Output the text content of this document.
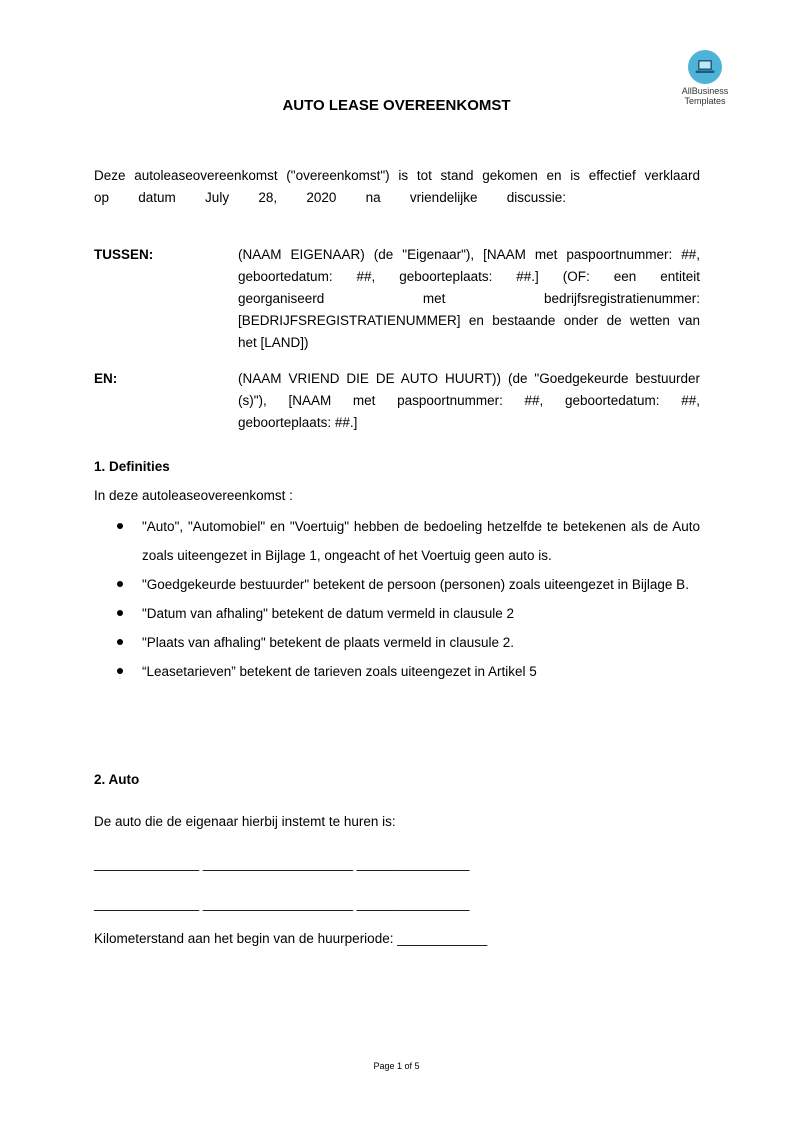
AllBusiness
Templates
AUTO LEASE OVEREENKOMST
Deze autoleaseovereenkomst ("overeenkomst") is tot stand gekomen en is effectief verklaard
op datum July 28, 2020 na vriendelijke discussie:
TUSSEN:	(NAAM EIGENAAR) (de "Eigenaar"), [NAAM met paspoortnummer: ##,
geboortedatum: ##, geboorteplaats: ##.] (OF: een entiteit
georganiseerd met bedrijfsregistratienummer:
[BEDRIJFSREGISTRATIENUMMER] en bestaande onder de wetten van
het [LAND])
EN:	(NAAM VRIEND DIE DE AUTO HUURT)) (de "Goedgekeurde bestuurder
(s)"), [NAAM met paspoortnummer: ##, geboortedatum: ##,
geboorteplaats: ##.]
1. Definities
In deze autoleaseovereenkomst :
"Auto", "Automobiel" en "Voertuig" hebben de bedoeling hetzelfde te betekenen als de Auto zoals uiteengezet in Bijlage 1, ongeacht of het Voertuig geen auto is.
"Goedgekeurde bestuurder" betekent de persoon (personen) zoals uiteengezet in Bijlage B.
"Datum van afhaling" betekent de datum vermeld in clausule 2
"Plaats van afhaling" betekent de plaats vermeld in clausule 2.
“Leasetarieven” betekent de tarieven zoals uiteengezet in Artikel 5
2. Auto
De auto die de eigenaar hierbij instemt te huren is:
______________ ____________________ _______________
______________ ____________________ _______________
Kilometerstand aan het begin van de huurperiode: ____________
Page 1 of 5
